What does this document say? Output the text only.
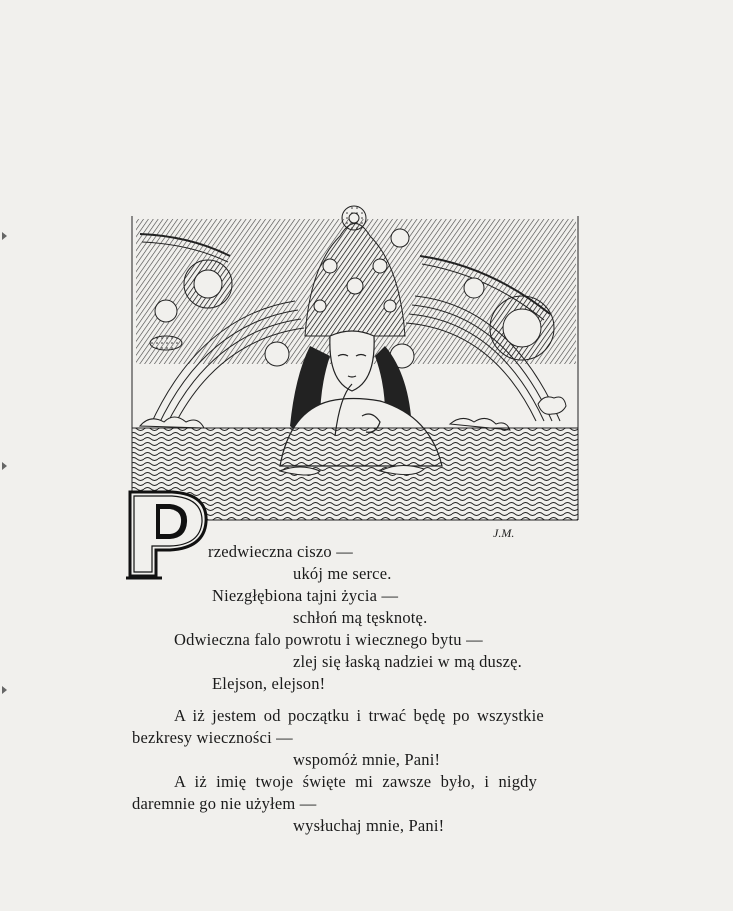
J.M.
rzedwieczna ciszo —
ukój me serce.
Niezgłębiona tajni życia —
schłoń mą tęsknotę.
Odwieczna falo powrotu i wiecznego bytu —
zlej się łaską nadziei w mą duszę.
Elejson, elejson!
A iż jestem od początku i trwać będę po wszystkie
bezkresy wieczności —
wspomóż mnie, Pani!
A iż imię twoje święte mi zawsze było, i nigdy
daremnie go nie użyłem —
wysłuchaj mnie, Pani!
